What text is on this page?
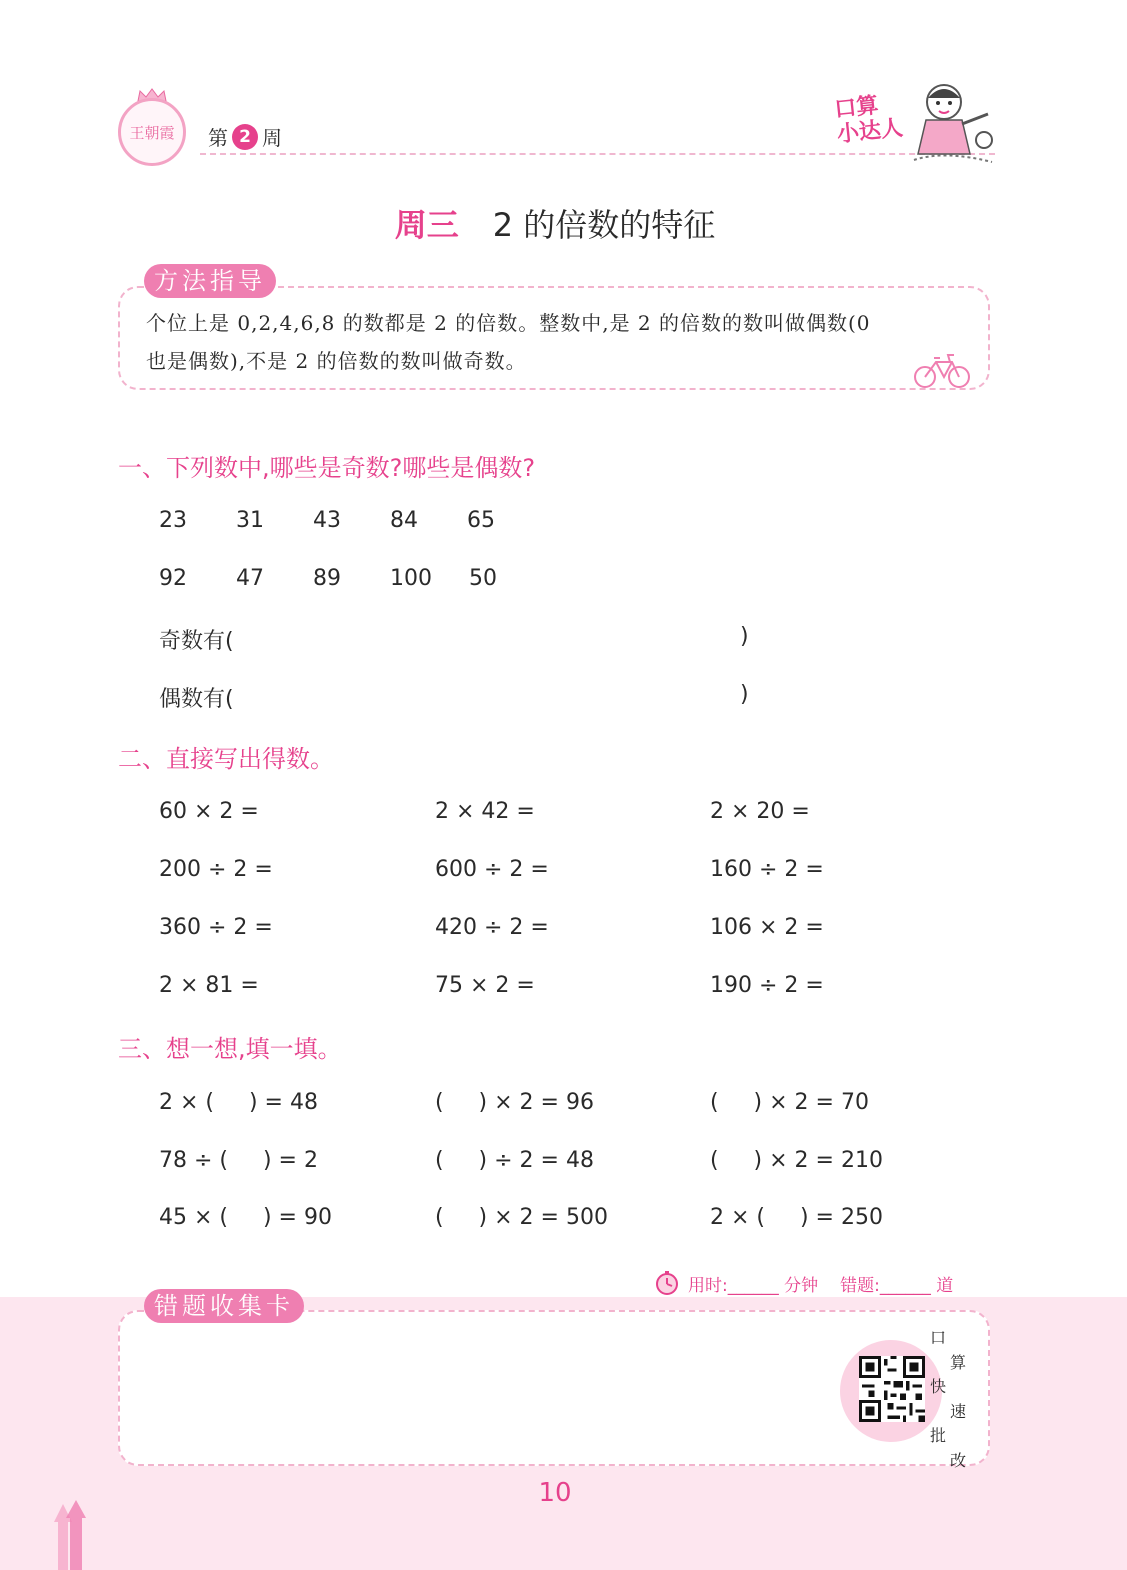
王朝霞 第 2 周
口算
小达人
周三 2 的倍数的特征
方法指导
个位上是 0,2,4,6,8 的数都是 2 的倍数。整数中,是 2 的倍数的数叫做偶数(0
也是偶数),不是 2 的倍数的数叫做奇数。
一、下列数中,哪些是奇数?哪些是偶数?
23 31 43 84 65
92 47 89 100 50
奇数有(	)
偶数有(	)
二、直接写出得数。
60 × 2 =	2 × 42 =	2 × 20 =
200 ÷ 2 =	600 ÷ 2 =	160 ÷ 2 =
360 ÷ 2 =	420 ÷ 2 =	106 × 2 =
2 × 81 =	75 × 2 =	190 ÷ 2 =
三、想一想,填一填。
2 × (     ) = 48	(     ) × 2 = 96	(     ) × 2 = 70
78 ÷ (     ) = 2	(     ) ÷ 2 = 48	(     ) × 2 = 210
45 × (     ) = 90	(     ) × 2 = 500	2 × (     ) = 250
用时:______ 分钟 错题:______ 道
错题收集卡
口
算
快
速
批
改
10
